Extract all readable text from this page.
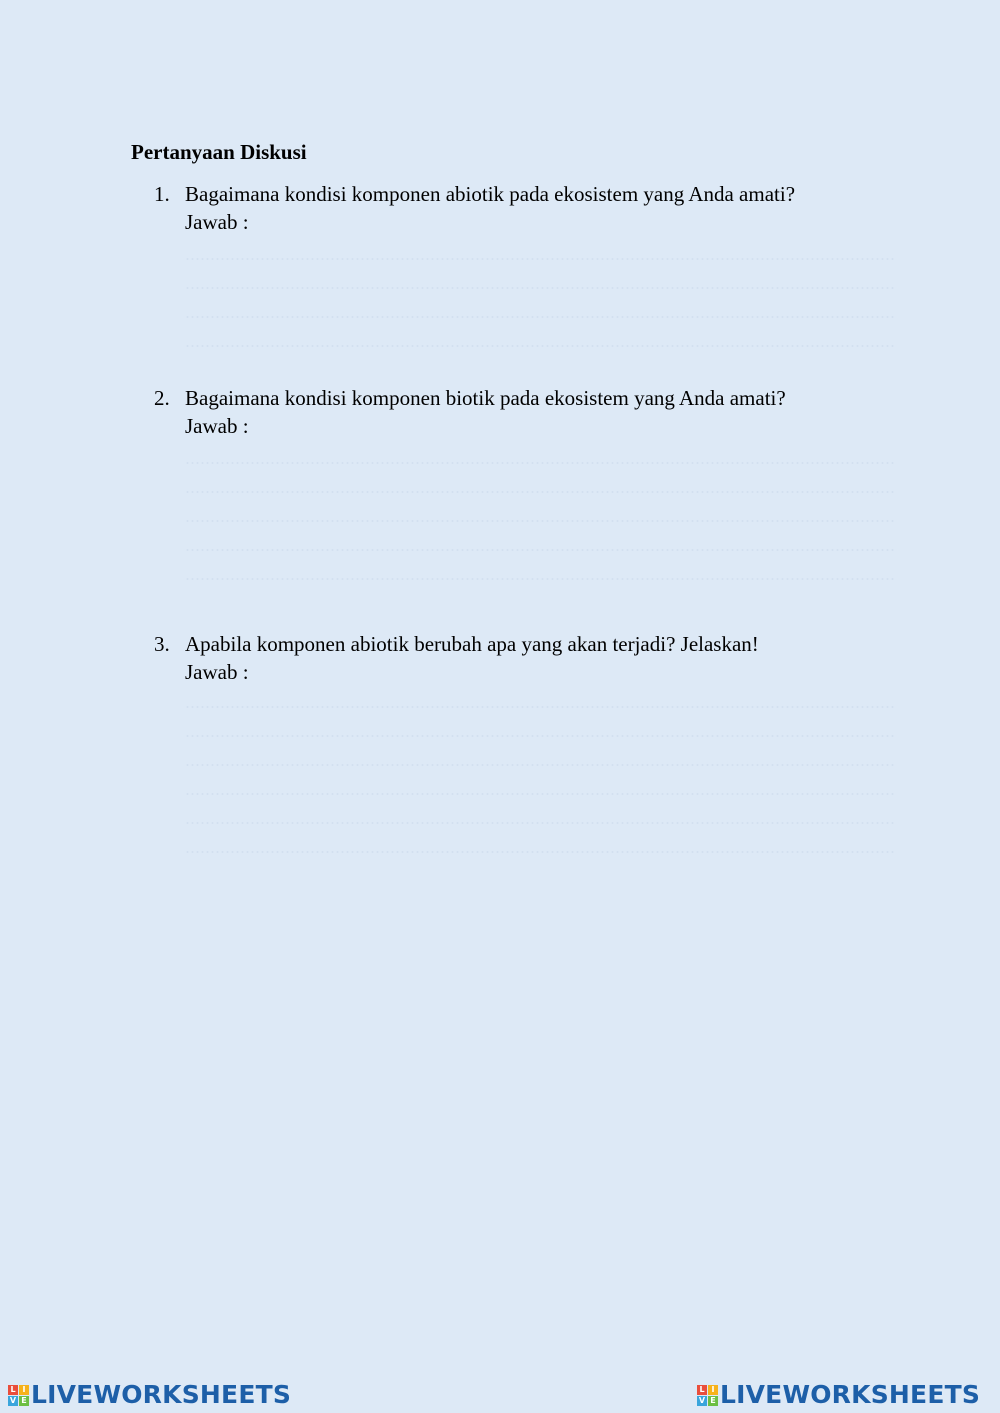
Pertanyaan Diskusi
1. Bagaimana kondisi komponen abiotik pada ekosistem yang Anda amati?
Jawab :
2. Bagaimana kondisi komponen biotik pada ekosistem yang Anda amati?
Jawab :
3. Apabila komponen abiotik berubah apa yang akan terjadi? Jelaskan!
Jawab :
L I
V E LIVEWORKSHEETS	L I
V E LIVEWORKSHEETS
